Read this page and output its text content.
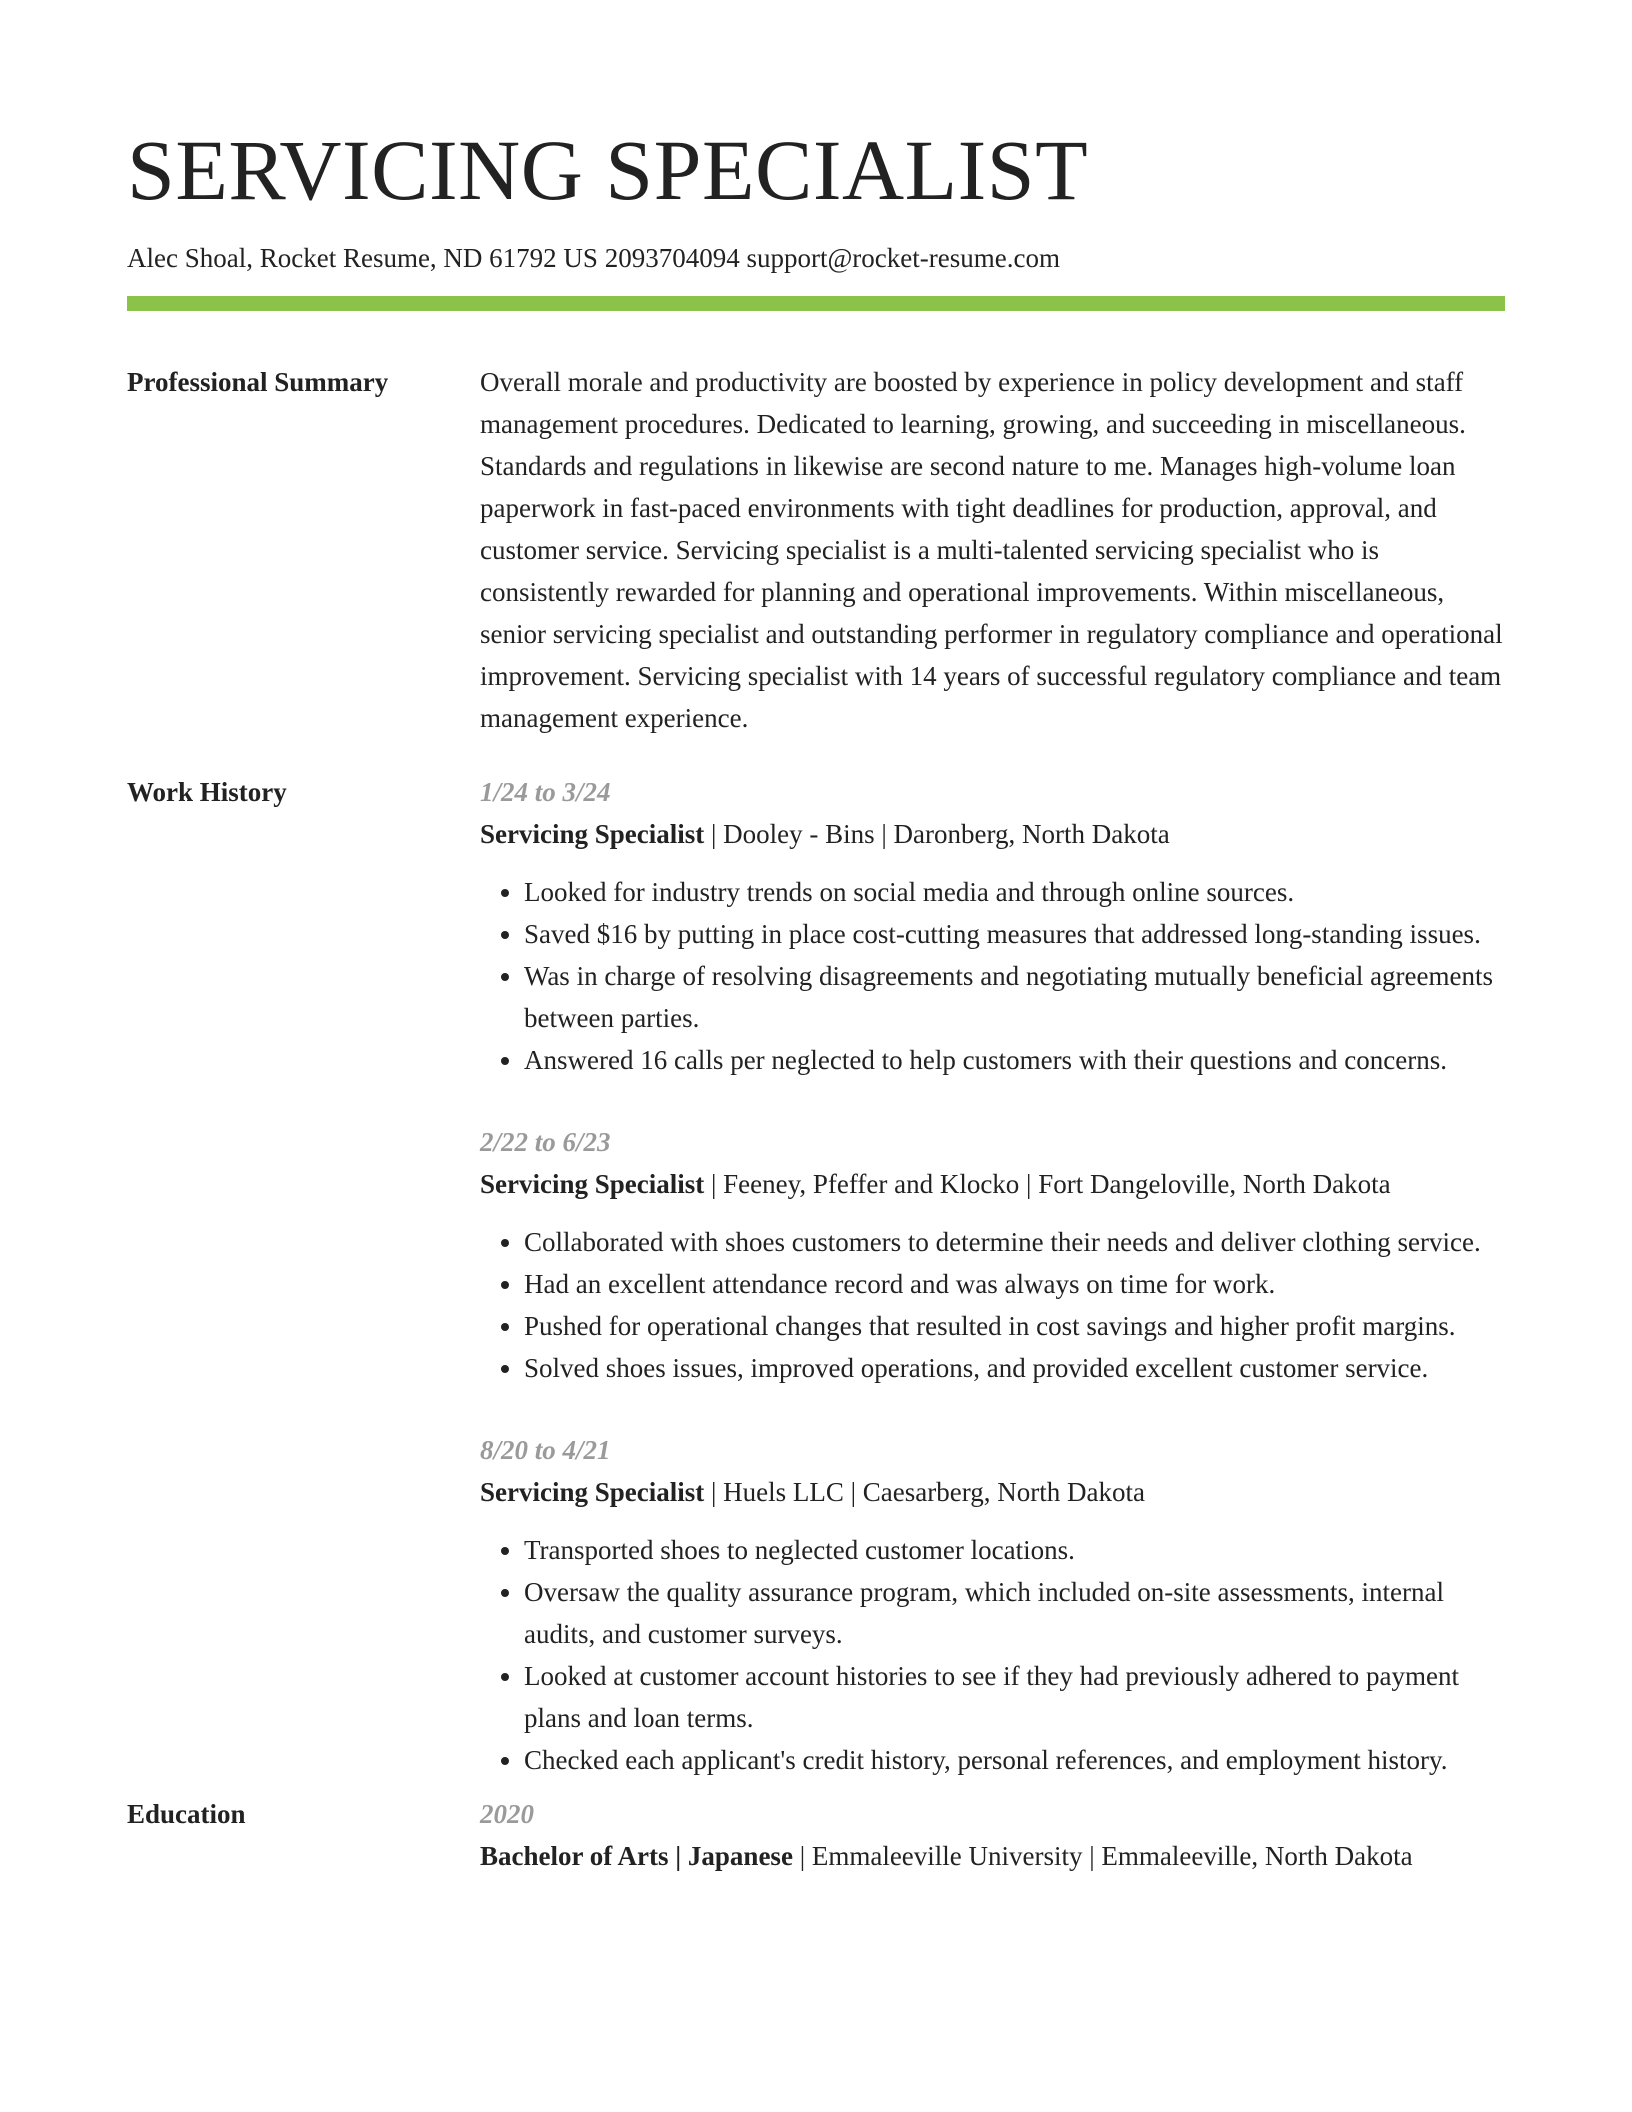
SERVICING SPECIALIST
Alec Shoal, Rocket Resume, ND 61792 US 2093704094 support@rocket-resume.com
Professional Summary	Overall morale and productivity are boosted by experience in policy development and staff management procedures. Dedicated to learning, growing, and succeeding in miscellaneous. Standards and regulations in likewise are second nature to me. Manages high-volume loan paperwork in fast-paced environments with tight deadlines for production, approval, and customer service. Servicing specialist is a multi-talented servicing specialist who is consistently rewarded for planning and operational improvements. Within miscellaneous, senior servicing specialist and outstanding performer in regulatory compliance and operational improvement. Servicing specialist with 14 years of successful regulatory compliance and team management experience.
Work History	1/24 to 3/24
Servicing Specialist | Dooley - Bins | Daronberg, North Dakota
• Looked for industry trends on social media and through online sources.
• Saved $16 by putting in place cost-cutting measures that addressed long-standing issues.
• Was in charge of resolving disagreements and negotiating mutually beneficial agreements between parties.
• Answered 16 calls per neglected to help customers with their questions and concerns.
2/22 to 6/23
Servicing Specialist | Feeney, Pfeffer and Klocko | Fort Dangeloville, North Dakota
• Collaborated with shoes customers to determine their needs and deliver clothing service.
• Had an excellent attendance record and was always on time for work.
• Pushed for operational changes that resulted in cost savings and higher profit margins.
• Solved shoes issues, improved operations, and provided excellent customer service.
8/20 to 4/21
Servicing Specialist | Huels LLC | Caesarberg, North Dakota
• Transported shoes to neglected customer locations.
• Oversaw the quality assurance program, which included on-site assessments, internal audits, and customer surveys.
• Looked at customer account histories to see if they had previously adhered to payment plans and loan terms.
• Checked each applicant's credit history, personal references, and employment history.
Education	2020
Bachelor of Arts | Japanese | Emmaleeville University | Emmaleeville, North Dakota
